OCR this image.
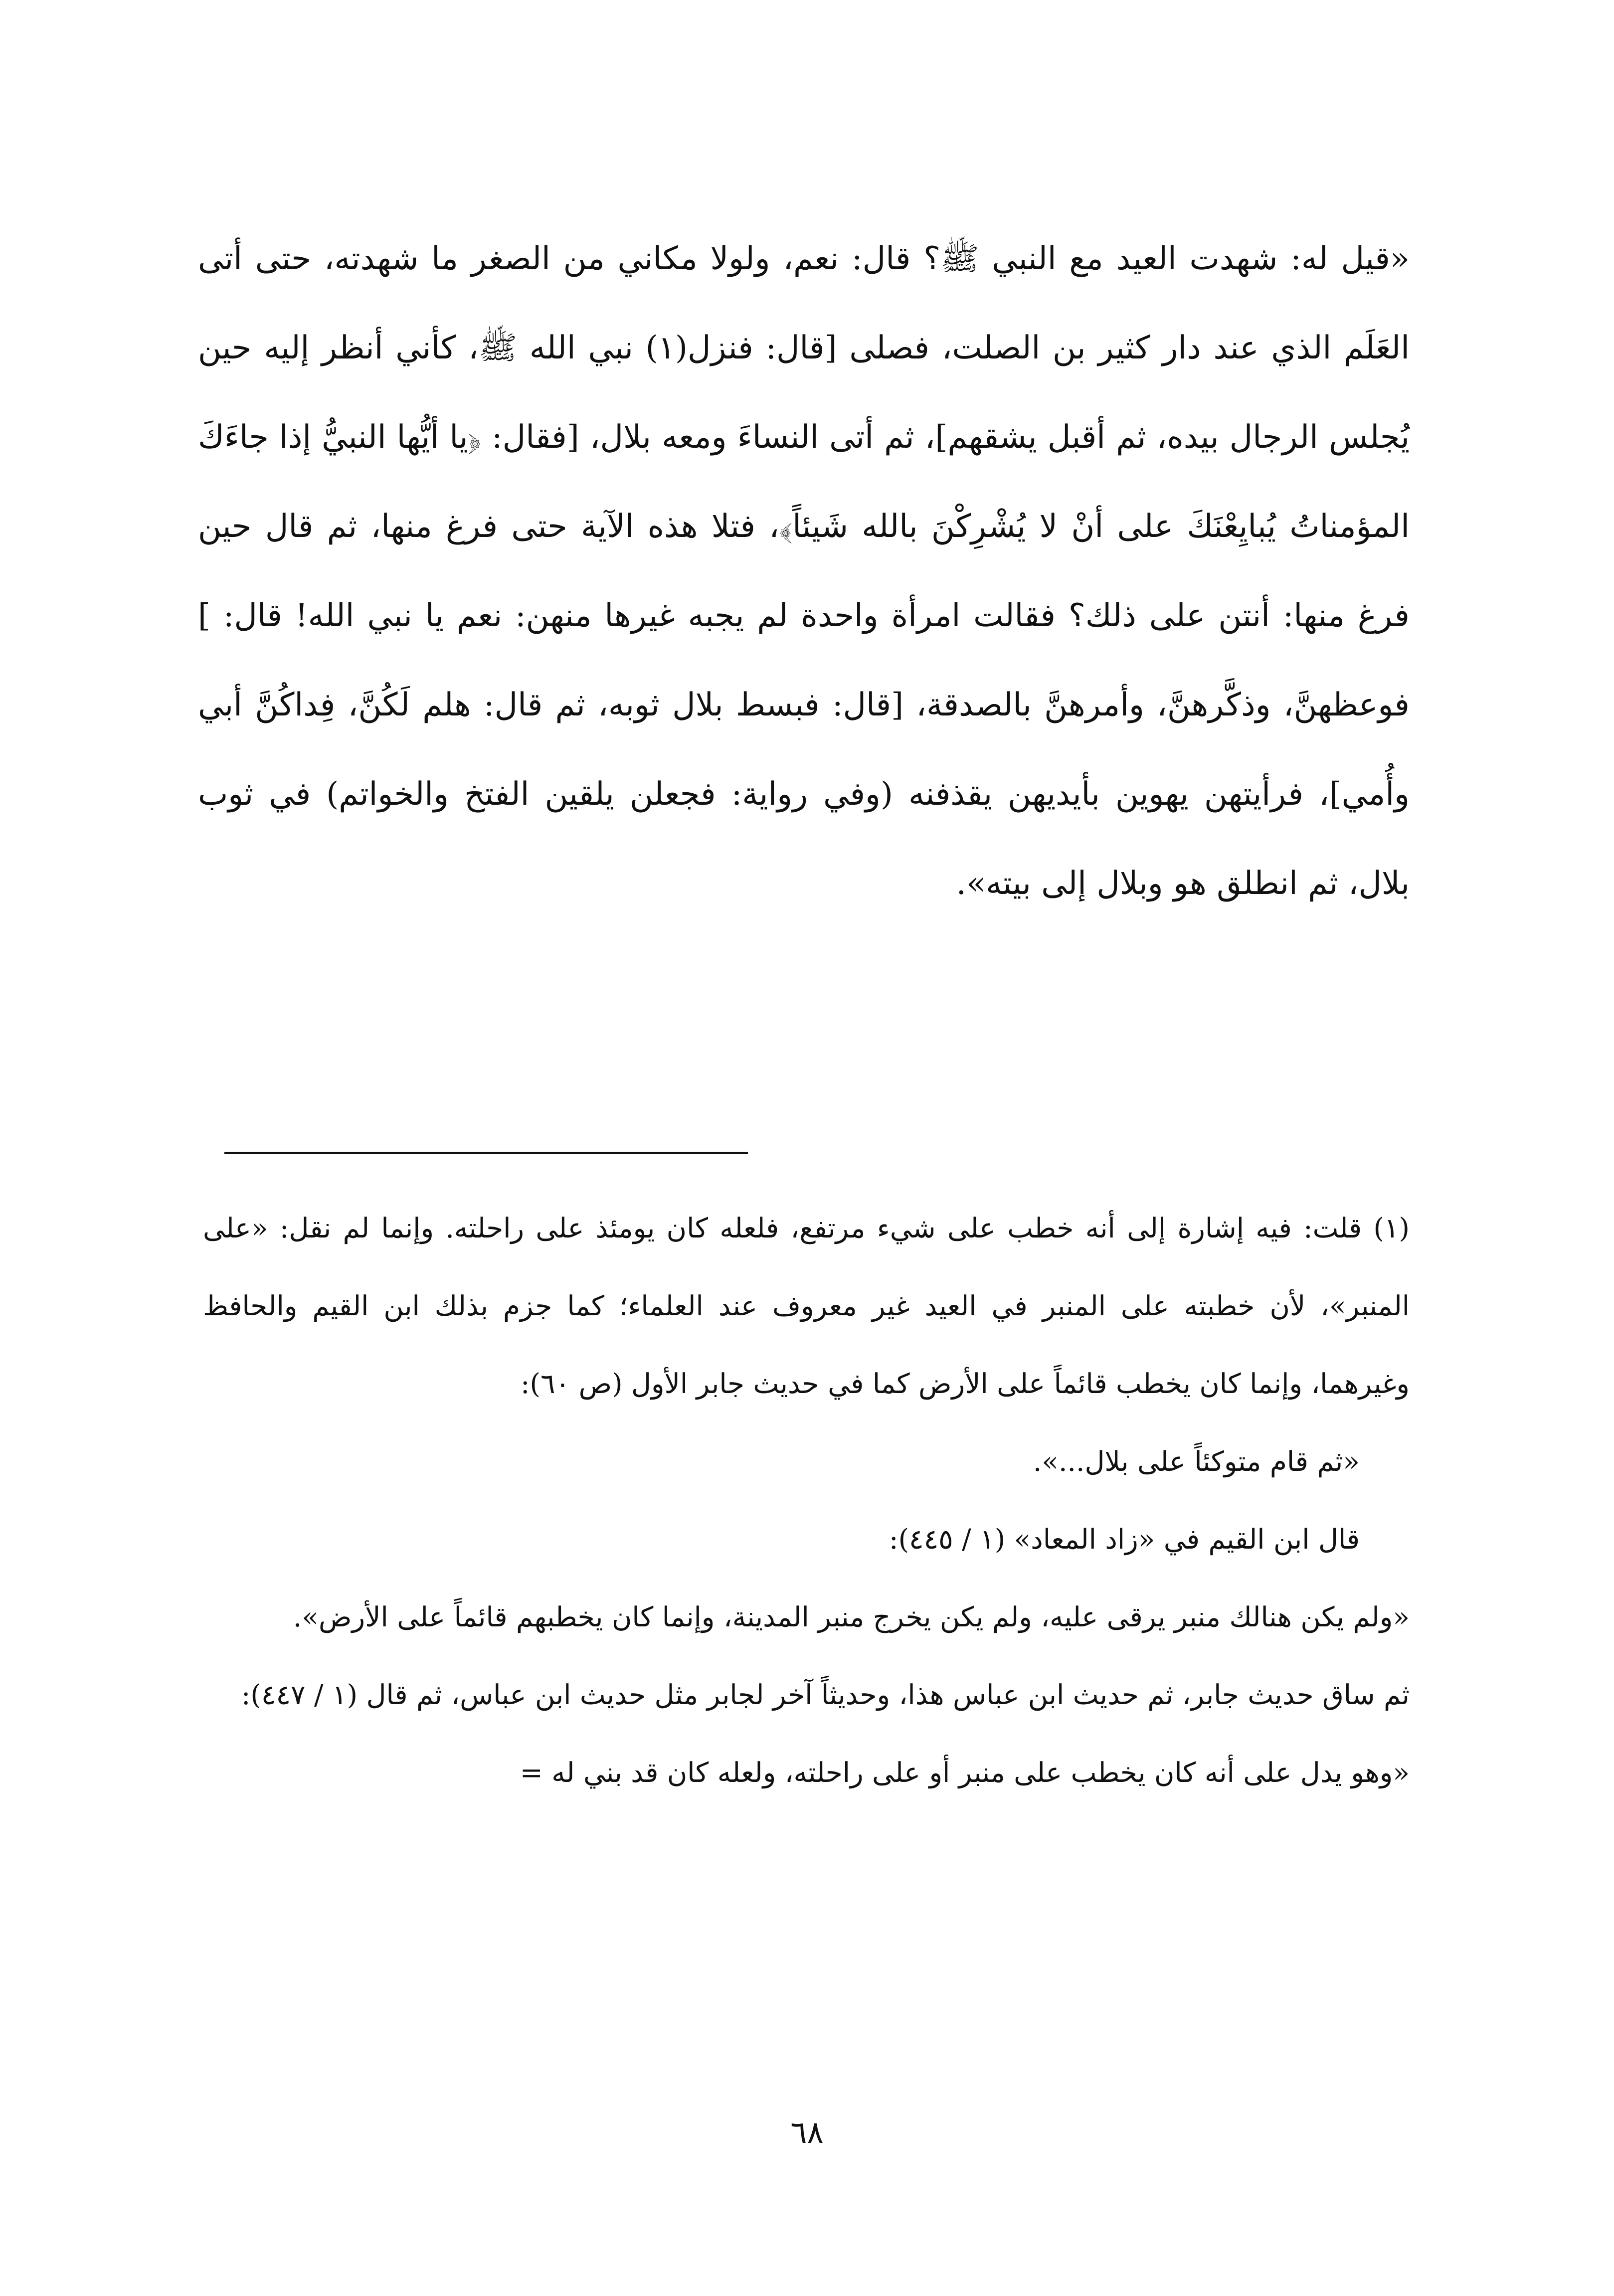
«قيل له: شهدت العيد مع النبي ﷺ؟ قال: نعم، ولولا مكاني من الصغر ما شهدته، حتى أتى العَلَم الذي عند دار كثير بن الصلت، فصلى [قال: فنزل(١) نبي الله ﷺ، كأني أنظر إليه حين يُجلس الرجال بيده، ثم أقبل يشقهم]، ثم أتى النساءَ ومعه بلال، [فقال: ﴿يا أيُّها النبيُّ إذا جاءَكَ المؤمناتُ يُبايِعْنَكَ على أنْ لا يُشْرِكْنَ بالله شَيئاً﴾، فتلا هذه الآية حتى فرغ منها، ثم قال حين فرغ منها: أنتن على ذلك؟ فقالت امرأة واحدة لم يجبه غيرها منهن: نعم يا نبي الله! قال: ] فوعظهنَّ، وذكَّرهنَّ، وأمرهنَّ بالصدقة، [قال: فبسط بلال ثوبه، ثم قال: هلم لَكُنَّ، فِداكُنَّ أبي وأُمي]، فرأيتهن يهوين بأيديهن يقذفنه (وفي رواية: فجعلن يلقين الفتخ والخواتم) في ثوب بلال، ثم انطلق هو وبلال إلى بيته».

(١) قلت: فيه إشارة إلى أنه خطب على شيء مرتفع، فلعله كان يومئذ على راحلته. وإنما لم نقل: «على المنبر»، لأن خطبته على المنبر في العيد غير معروف عند العلماء؛ كما جزم بذلك ابن القيم والحافظ وغيرهما، وإنما كان يخطب قائماً على الأرض كما في حديث جابر الأول (ص ٦٠):

«ثم قام متوكئاً على بلال...».

قال ابن القيم في «زاد المعاد» (١ / ٤٤٥):

«ولم يكن هنالك منبر يرقى عليه، ولم يكن يخرج منبر المدينة، وإنما كان يخطبهم قائماً على الأرض».

ثم ساق حديث جابر، ثم حديث ابن عباس هذا، وحديثاً آخر لجابر مثل حديث ابن عباس، ثم قال (١ / ٤٤٧):

«وهو يدل على أنه كان يخطب على منبر أو على راحلته، ولعله كان قد بني له =

٦٨
